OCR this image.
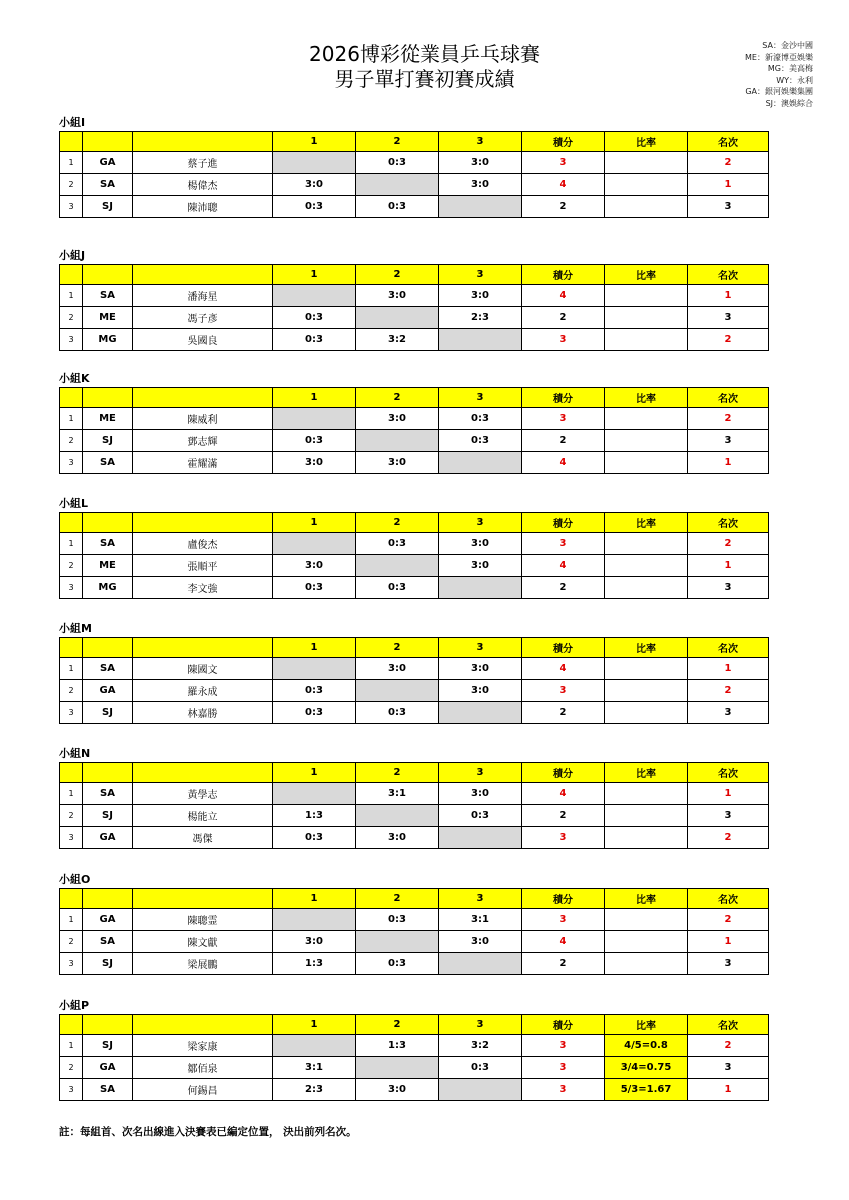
2026博彩從業員乒乓球賽
男子單打賽初賽成績
SA：金沙中國
ME：新濠博亞娛樂
MG：美高梅
WY：永利
GA：銀河娛樂集團
SJ：澳娛綜合
小組I
			1	2	3	積分	比率	名次
1	GA	蔡子進		0:3	3:0	3		2
2	SA	楊偉杰	3:0		3:0	4		1
3	SJ	陳沛聰	0:3	0:3		2		3
小組J
			1	2	3	積分	比率	名次
1	SA	潘海星		3:0	3:0	4		1
2	ME	馮子彥	0:3		2:3	2		3
3	MG	吳國良	0:3	3:2		3		2
小組K
			1	2	3	積分	比率	名次
1	ME	陳威利		3:0	0:3	3		2
2	SJ	鄧志輝	0:3		0:3	2		3
3	SA	霍耀滿	3:0	3:0		4		1
小組L
			1	2	3	積分	比率	名次
1	SA	盧俊杰		0:3	3:0	3		2
2	ME	張順平	3:0		3:0	4		1
3	MG	李文強	0:3	0:3		2		3
小組M
			1	2	3	積分	比率	名次
1	SA	陳國文		3:0	3:0	4		1
2	GA	羅永成	0:3		3:0	3		2
3	SJ	林嘉勝	0:3	0:3		2		3
小組N
			1	2	3	積分	比率	名次
1	SA	黃學志		3:1	3:0	4		1
2	SJ	楊能立	1:3		0:3	2		3
3	GA	馮傑	0:3	3:0		3		2
小組O
			1	2	3	積分	比率	名次
1	GA	陳聰霊		0:3	3:1	3		2
2	SA	陳文獻	3:0		3:0	4		1
3	SJ	梁展鵬	1:3	0:3		2		3
小組P
			1	2	3	積分	比率	名次
1	SJ	梁家康		1:3	3:2	3	4/5=0.8	2
2	GA	鄒佰泉	3:1		0:3	3	3/4=0.75	3
3	SA	何錫昌	2:3	3:0		3	5/3=1.67	1
註：每組首、次名出線進入決賽表已編定位置， 決出前列名次。
